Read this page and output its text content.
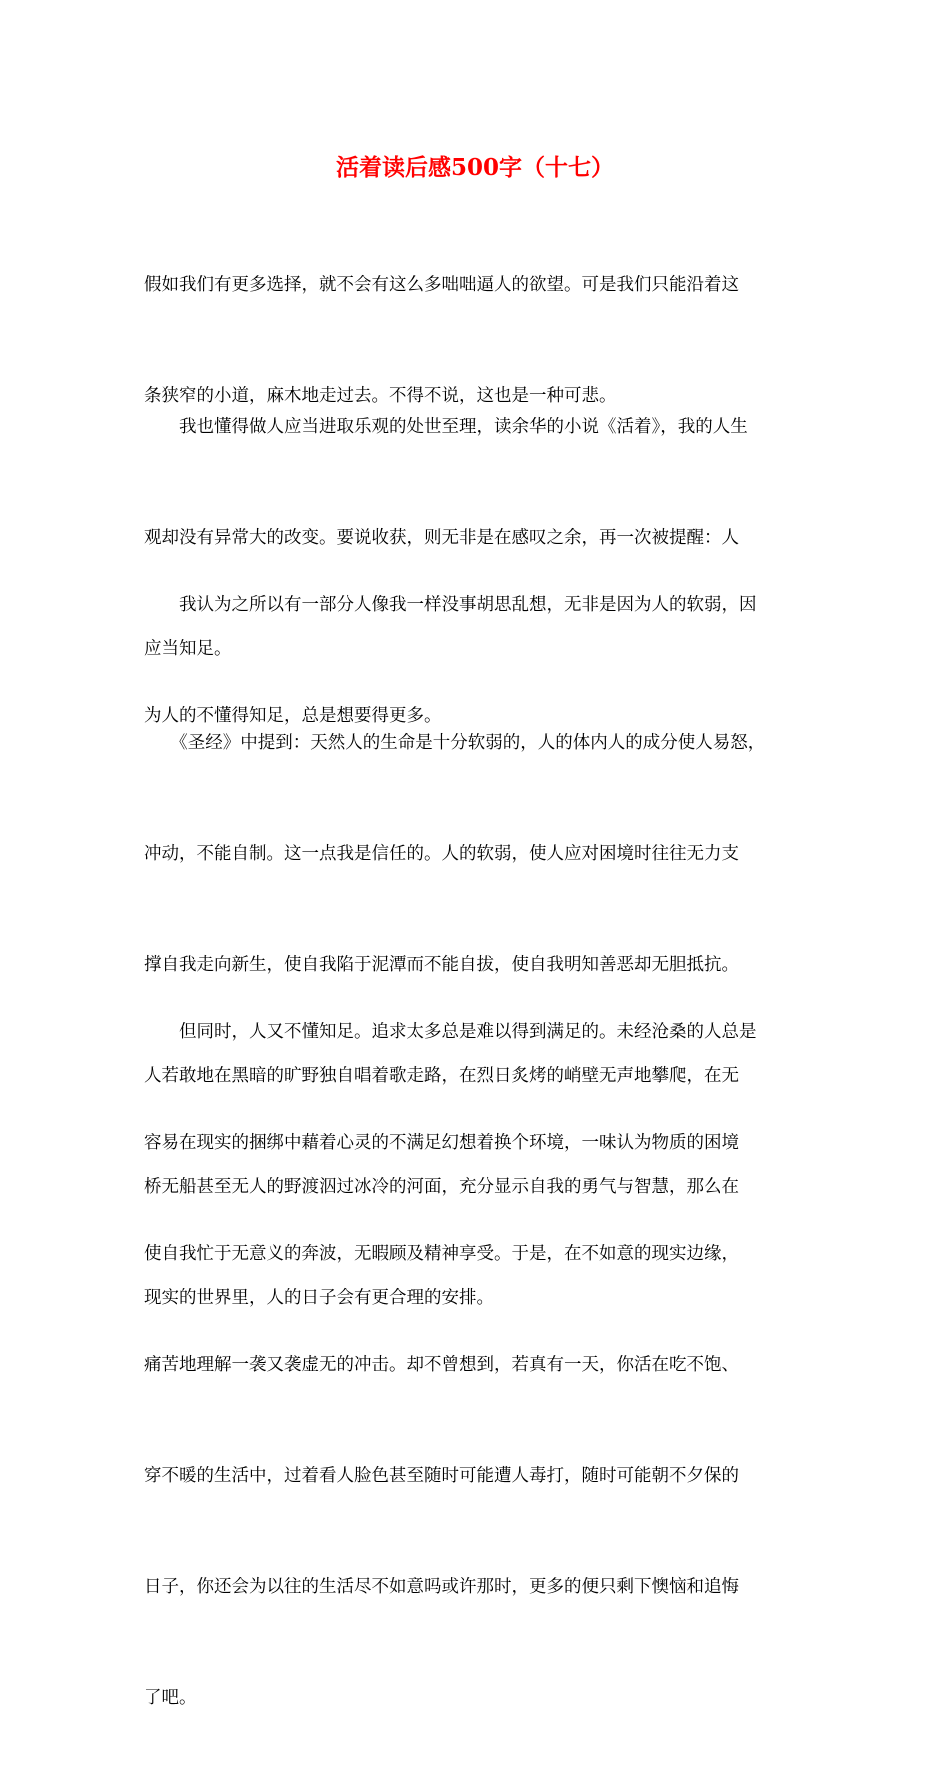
活着读后感500字（十七）

假如我们有更多选择，就不会有这么多咄咄逼人的欲望。可是我们只能沿着这

条狭窄的小道，麻木地走过去。不得不说，这也是一种可悲。

　　我也懂得做人应当进取乐观的处世至理，读余华的小说《活着》，我的人生

观却没有异常大的改变。要说收获，则无非是在感叹之余，再一次被提醒：人

应当知足。

　　我认为之所以有一部分人像我一样没事胡思乱想，无非是因为人的软弱，因

为人的不懂得知足，总是想要得更多。

　　《圣经》中提到：天然人的生命是十分软弱的，人的体内人的成分使人易怒，

冲动，不能自制。这一点我是信任的。人的软弱，使人应对困境时往往无力支

撑自我走向新生，使自我陷于泥潭而不能自拔，使自我明知善恶却无胆抵抗。

人若敢地在黑暗的旷野独自唱着歌走路，在烈日炙烤的峭壁无声地攀爬，在无

桥无船甚至无人的野渡泅过冰冷的河面，充分显示自我的勇气与智慧，那么在

现实的世界里，人的日子会有更合理的安排。

　　但同时，人又不懂知足。追求太多总是难以得到满足的。未经沧桑的人总是

容易在现实的捆绑中藉着心灵的不满足幻想着换个环境，一味认为物质的困境

使自我忙于无意义的奔波，无暇顾及精神享受。于是，在不如意的现实边缘，

痛苦地理解一袭又袭虚无的冲击。却不曾想到，若真有一天，你活在吃不饱、

穿不暖的生活中，过着看人脸色甚至随时可能遭人毒打，随时可能朝不夕保的

日子，你还会为以往的生活尽不如意吗或许那时，更多的便只剩下懊恼和追悔

了吧。
